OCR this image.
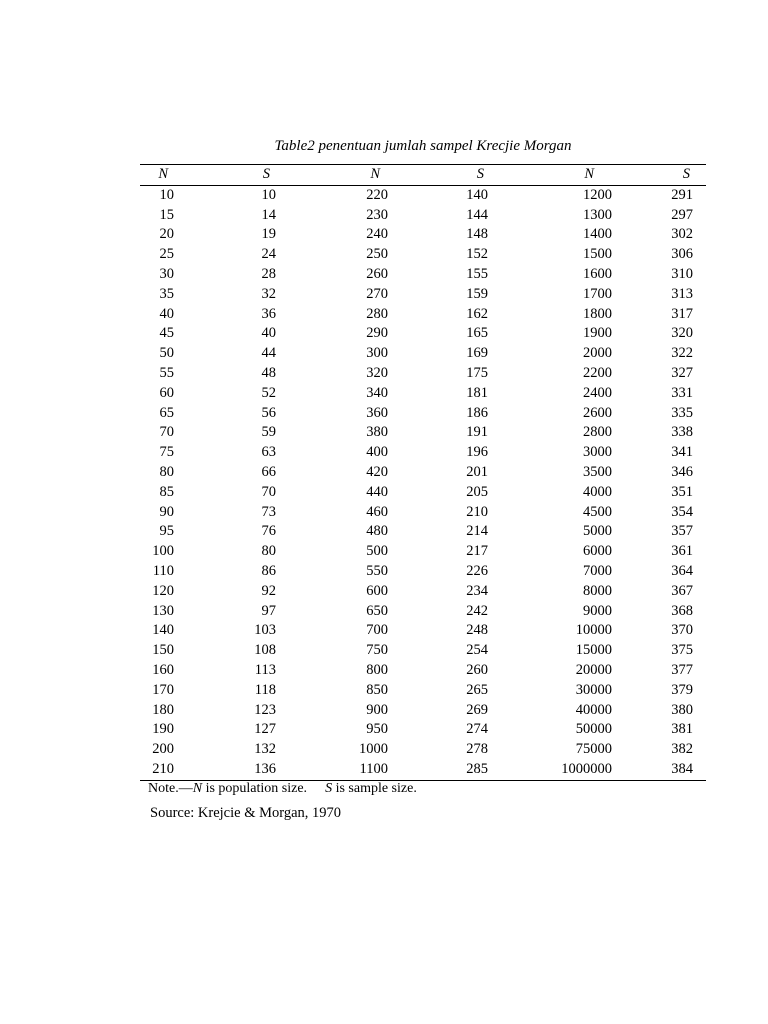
Table2 penentuan jumlah sampel Krecjie Morgan
N	S	N	S	N	S
10	10	220	140	1200	291
15	14	230	144	1300	297
20	19	240	148	1400	302
25	24	250	152	1500	306
30	28	260	155	1600	310
35	32	270	159	1700	313
40	36	280	162	1800	317
45	40	290	165	1900	320
50	44	300	169	2000	322
55	48	320	175	2200	327
60	52	340	181	2400	331
65	56	360	186	2600	335
70	59	380	191	2800	338
75	63	400	196	3000	341
80	66	420	201	3500	346
85	70	440	205	4000	351
90	73	460	210	4500	354
95	76	480	214	5000	357
100	80	500	217	6000	361
110	86	550	226	7000	364
120	92	600	234	8000	367
130	97	650	242	9000	368
140	103	700	248	10000	370
150	108	750	254	15000	375
160	113	800	260	20000	377
170	118	850	265	30000	379
180	123	900	269	40000	380
190	127	950	274	50000	381
200	132	1000	278	75000	382
210	136	1100	285	1000000	384
Note.—N is population size. S is sample size.
Source: Krejcie & Morgan, 1970
